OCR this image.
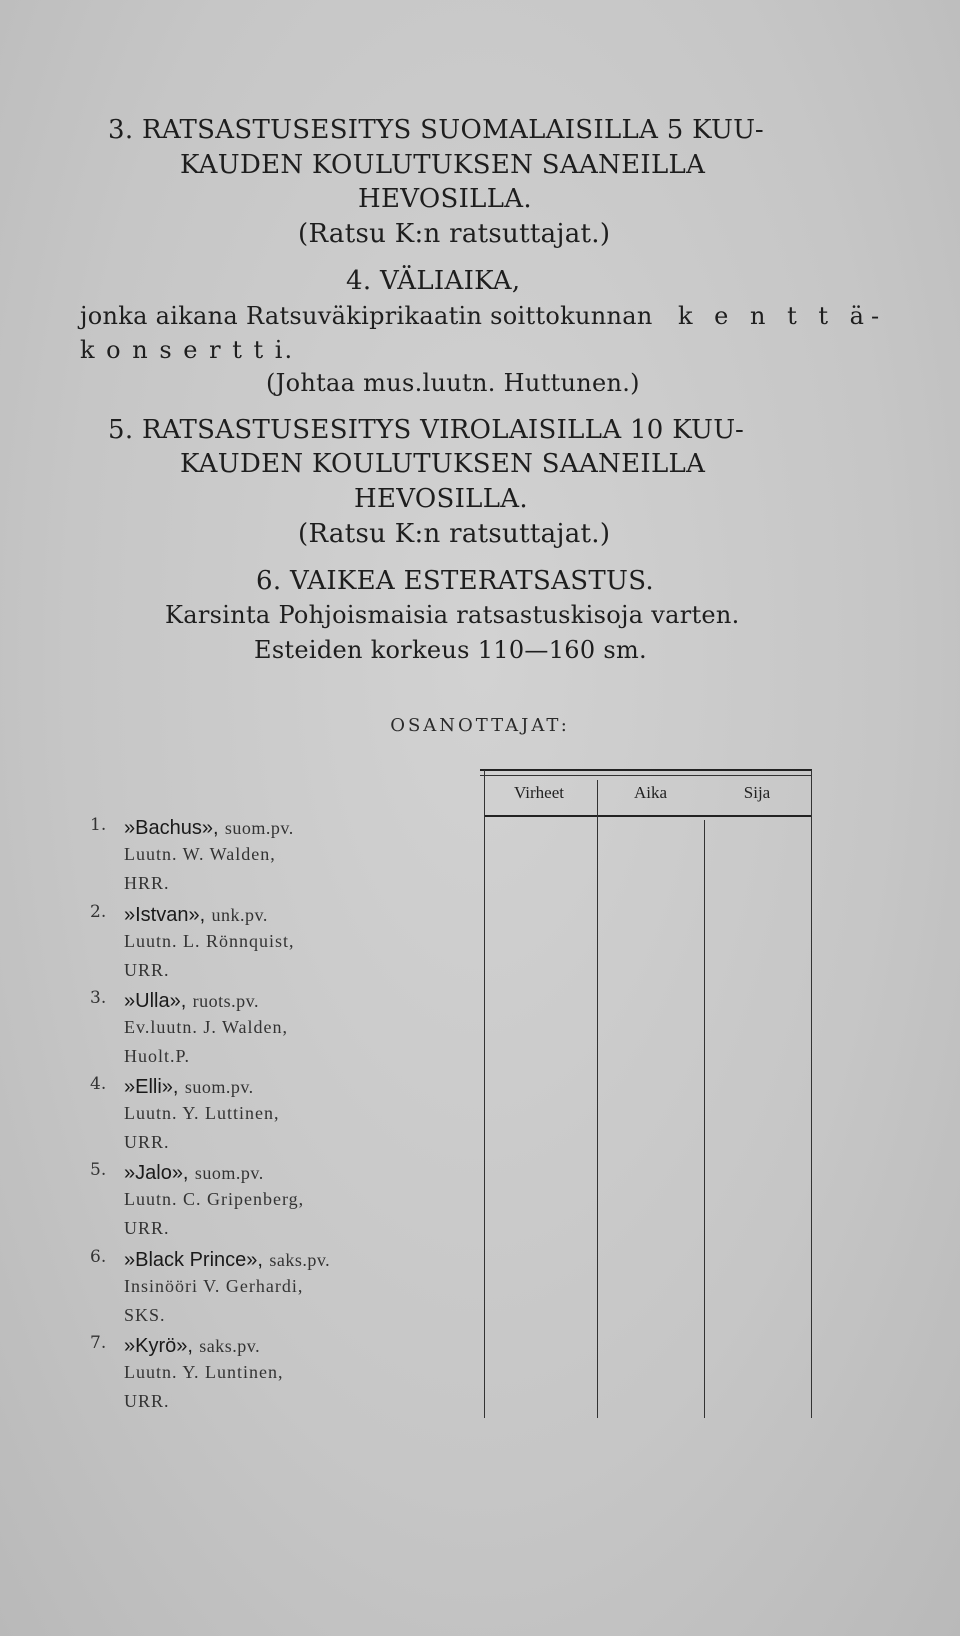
3. RATSASTUSESITYS SUOMALAISILLA 5 KUU-
KAUDEN KOULUTUKSEN SAANEILLA
HEVOSILLA.
(Ratsu K:n ratsuttajat.)
4. VÄLIAIKA,
jonka aikana Ratsuväkiprikaatin soittokunnan k e n t t ä-
k o n s e r t t i.
(Johtaa mus.luutn. Huttunen.)
5. RATSASTUSESITYS VIROLAISILLA 10 KUU-
KAUDEN KOULUTUKSEN SAANEILLA
HEVOSILLA.
(Ratsu K:n ratsuttajat.)
6. VAIKEA ESTERATSASTUS.
Karsinta Pohjoismaisia ratsastuskisoja varten.
Esteiden korkeus 110—160 sm.
OSANOTTAJAT:
Virheet	Aika	Sija
1. »Bachus», suom.pv.
Luutn. W. Walden,
HRR.
2. »Istvan», unk.pv.
Luutn. L. Rönnquist,
URR.
3. »Ulla», ruots.pv.
Ev.luutn. J. Walden,
Huolt.P.
4. »Elli», suom.pv.
Luutn. Y. Luttinen,
URR.
5. »Jalo», suom.pv.
Luutn. C. Gripenberg,
URR.
6. »Black Prince», saks.pv.
Insinööri V. Gerhardi,
SKS.
7. »Kyrö», saks.pv.
Luutn. Y. Luntinen,
URR.
